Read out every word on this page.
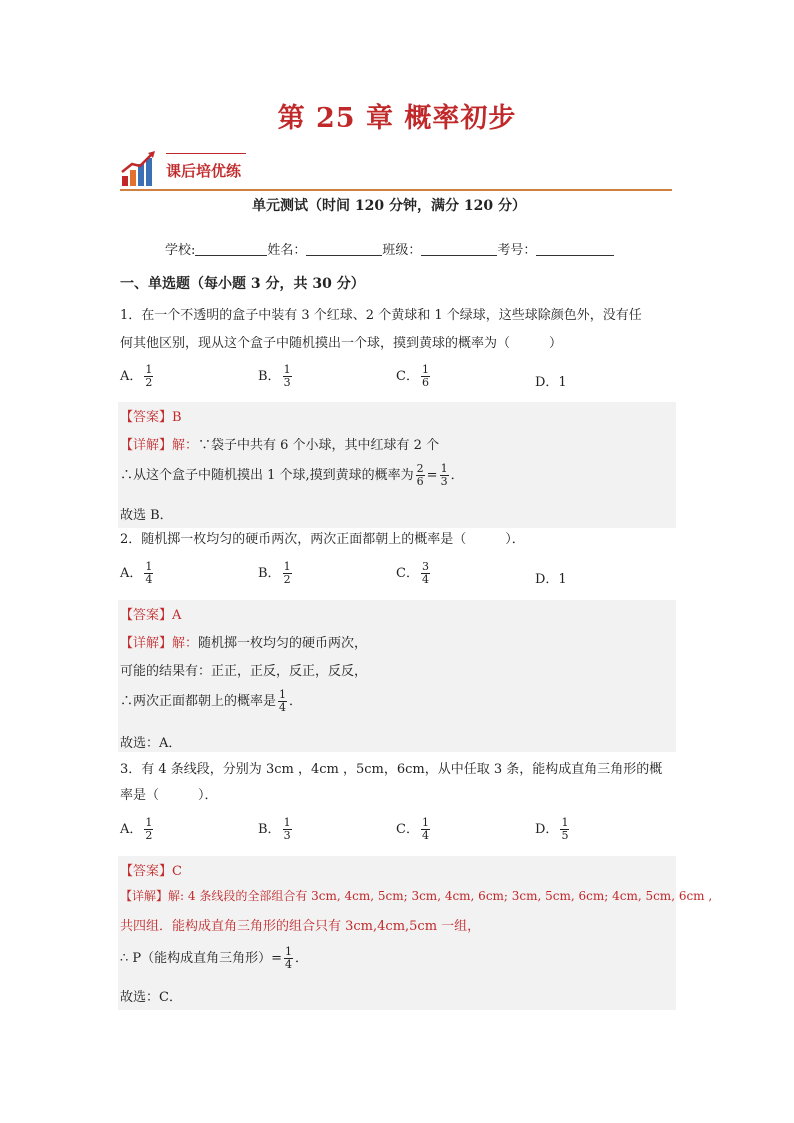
第 25 章 概率初步
课后培优练
单元测试（时间 120 分钟，满分 120 分）
学校:	姓名：	班级：	考号：
一、单选题（每小题 3 分，共 30 分）
1．在一个不透明的盒子中装有 3 个红球、2 个黄球和 1 个绿球，这些球除颜色外，没有任
何其他区别，现从这个盒子中随机摸出一个球，摸到黄球的概率为（　　　）
A． $\frac{1}{2}$	B． $\frac{1}{3}$	C． $\frac{1}{6}$	D．1
【答案】B
【详解】解：∵袋子中共有 6 个小球，其中红球有 2 个
∴从这个盒子中随机摸出 1 个球,摸到黄球的概率为 $\frac{2}{6} = \frac{1}{3}$ ．
故选 B．
2．随机掷一枚均匀的硬币两次，两次正面都朝上的概率是（　　　）．
A． $\frac{1}{4}$	B． $\frac{1}{2}$	C． $\frac{3}{4}$	D．1
【答案】A
【详解】解：随机掷一枚均匀的硬币两次，
可能的结果有：正正，正反，反正，反反，
∴两次正面都朝上的概率是 $\frac{1}{4}$ ．
故选：A．
3．有 4 条线段，分别为 3cm ，4cm ，5cm，6cm，从中任取 3 条，能构成直角三角形的概
率是（　　　）．
A． $\frac{1}{2}$	B． $\frac{1}{3}$	C． $\frac{1}{4}$	D． $\frac{1}{5}$
【答案】C
【详解】解: 4 条线段的全部组合有 3cm, 4cm, 5cm; 3cm, 4cm, 6cm; 3cm, 5cm, 6cm; 4cm, 5cm, 6cm ,
共四组．能构成直角三角形的组合只有 3cm,4cm,5cm 一组，
∴ P（能构成直角三角形）= $\frac{1}{4}$ ．
故选：C．
